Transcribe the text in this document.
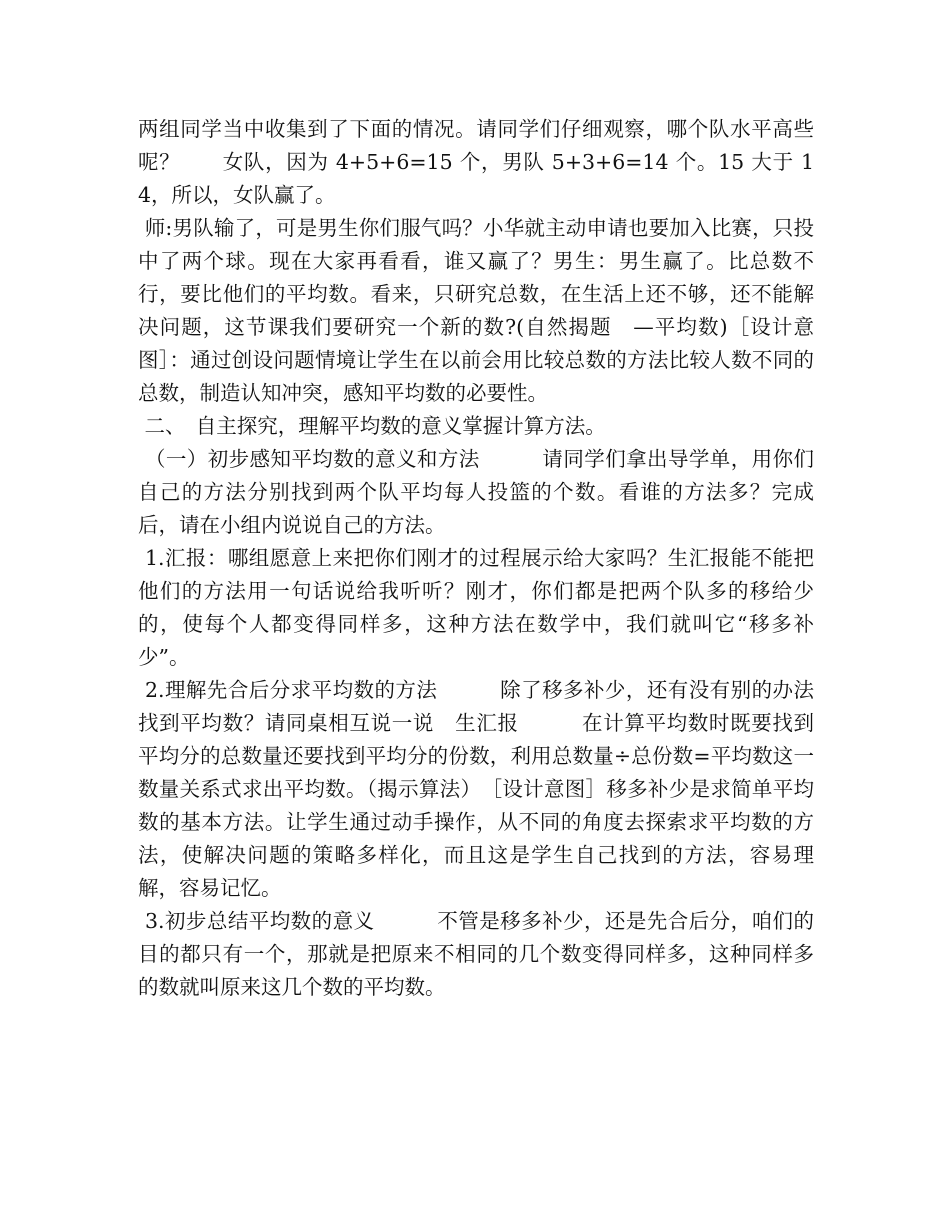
两组同学当中收集到了下面的情况。请同学们仔细观察，哪个队水平高些呢？　　女队，因为 4+5+6=15 个，男队 5+3+6=14 个。15 大于 14，所以，女队赢了。

师:男队输了，可是男生你们服气吗？小华就主动申请也要加入比赛，只投中了两个球。现在大家再看看，谁又赢了？男生：男生赢了。比总数不行，要比他们的平均数。看来，只研究总数，在生活上还不够，还不能解决问题，这节课我们要研究一个新的数?(自然揭题　—平均数)［设计意图］：通过创设问题情境让学生在以前会用比较总数的方法比较人数不同的总数，制造认知冲突，感知平均数的必要性。

二、　自主探究，理解平均数的意义掌握计算方法。

（一）初步感知平均数的意义和方法　　　请同学们拿出导学单，用你们自己的方法分别找到两个队平均每人投篮的个数。看谁的方法多？完成后，请在小组内说说自己的方法。

1.汇报：哪组愿意上来把你们刚才的过程展示给大家吗？生汇报能不能把他们的方法用一句话说给我听听？刚才，你们都是把两个队多的移给少的，使每个人都变得同样多，这种方法在数学中，我们就叫它“移多补少”。

2.理解先合后分求平均数的方法　　　除了移多补少，还有没有别的办法找到平均数？请同桌相互说一说　生汇报　　　在计算平均数时既要找到平均分的总数量还要找到平均分的份数，利用总数量÷总份数=平均数这一数量关系式求出平均数。（揭示算法）　［设计意图］移多补少是求简单平均数的基本方法。让学生通过动手操作，从不同的角度去探索求平均数的方法，使解决问题的策略多样化，而且这是学生自己找到的方法，容易理解，容易记忆。

3.初步总结平均数的意义　　　不管是移多补少，还是先合后分，咱们的目的都只有一个，那就是把原来不相同的几个数变得同样多，这种同样多的数就叫原来这几个数的平均数。
